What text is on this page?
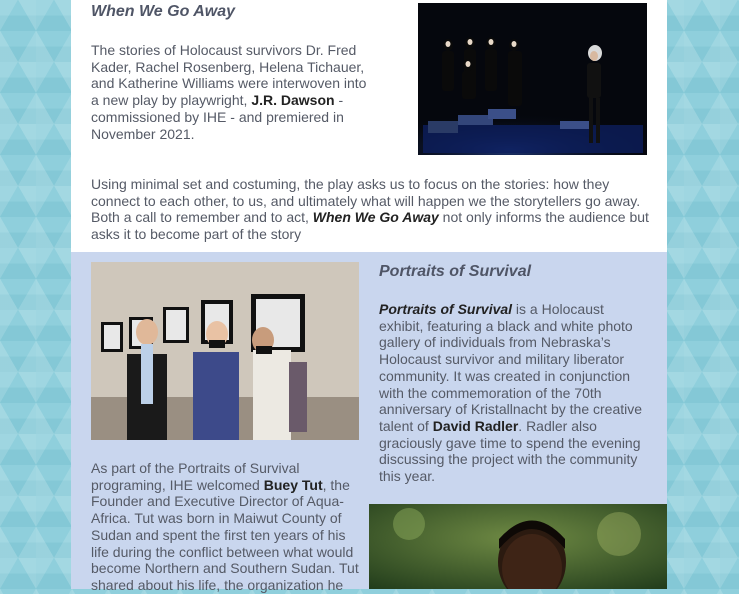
When We Go Away

The stories of Holocaust survivors Dr. Fred Kader, Rachel Rosenberg, Helena Tichauer, and Katherine Williams were interwoven into a new play by playwright, J.R. Dawson - commissioned by IHE - and premiered in November 2021.

Using minimal set and costuming, the play asks us to focus on the stories: how they connect to each other, to us, and ultimately what will happen we the storytellers go away. Both a call to remember and to act, When We Go Away not only informs the audience but asks it to become part of the story

Portraits of Survival

Portraits of Survival is a Holocaust exhibit, featuring a black and white photo gallery of individuals from Nebraska’s Holocaust survivor and military liberator community. It was created in conjunction with the commemoration of the 70th anniversary of Kristallnacht by the creative talent of David Radler. Radler also graciously gave time to spend the evening discussing the project with the community this year.

As part of the Portraits of Survival programing, IHE welcomed Buey Tut, the Founder and Executive Director of Aqua-Africa. Tut was born in Maiwut County of Sudan and spent the first ten years of his life during the conflict between what would become Northern and Southern Sudan. Tut shared about his life, the organization he
